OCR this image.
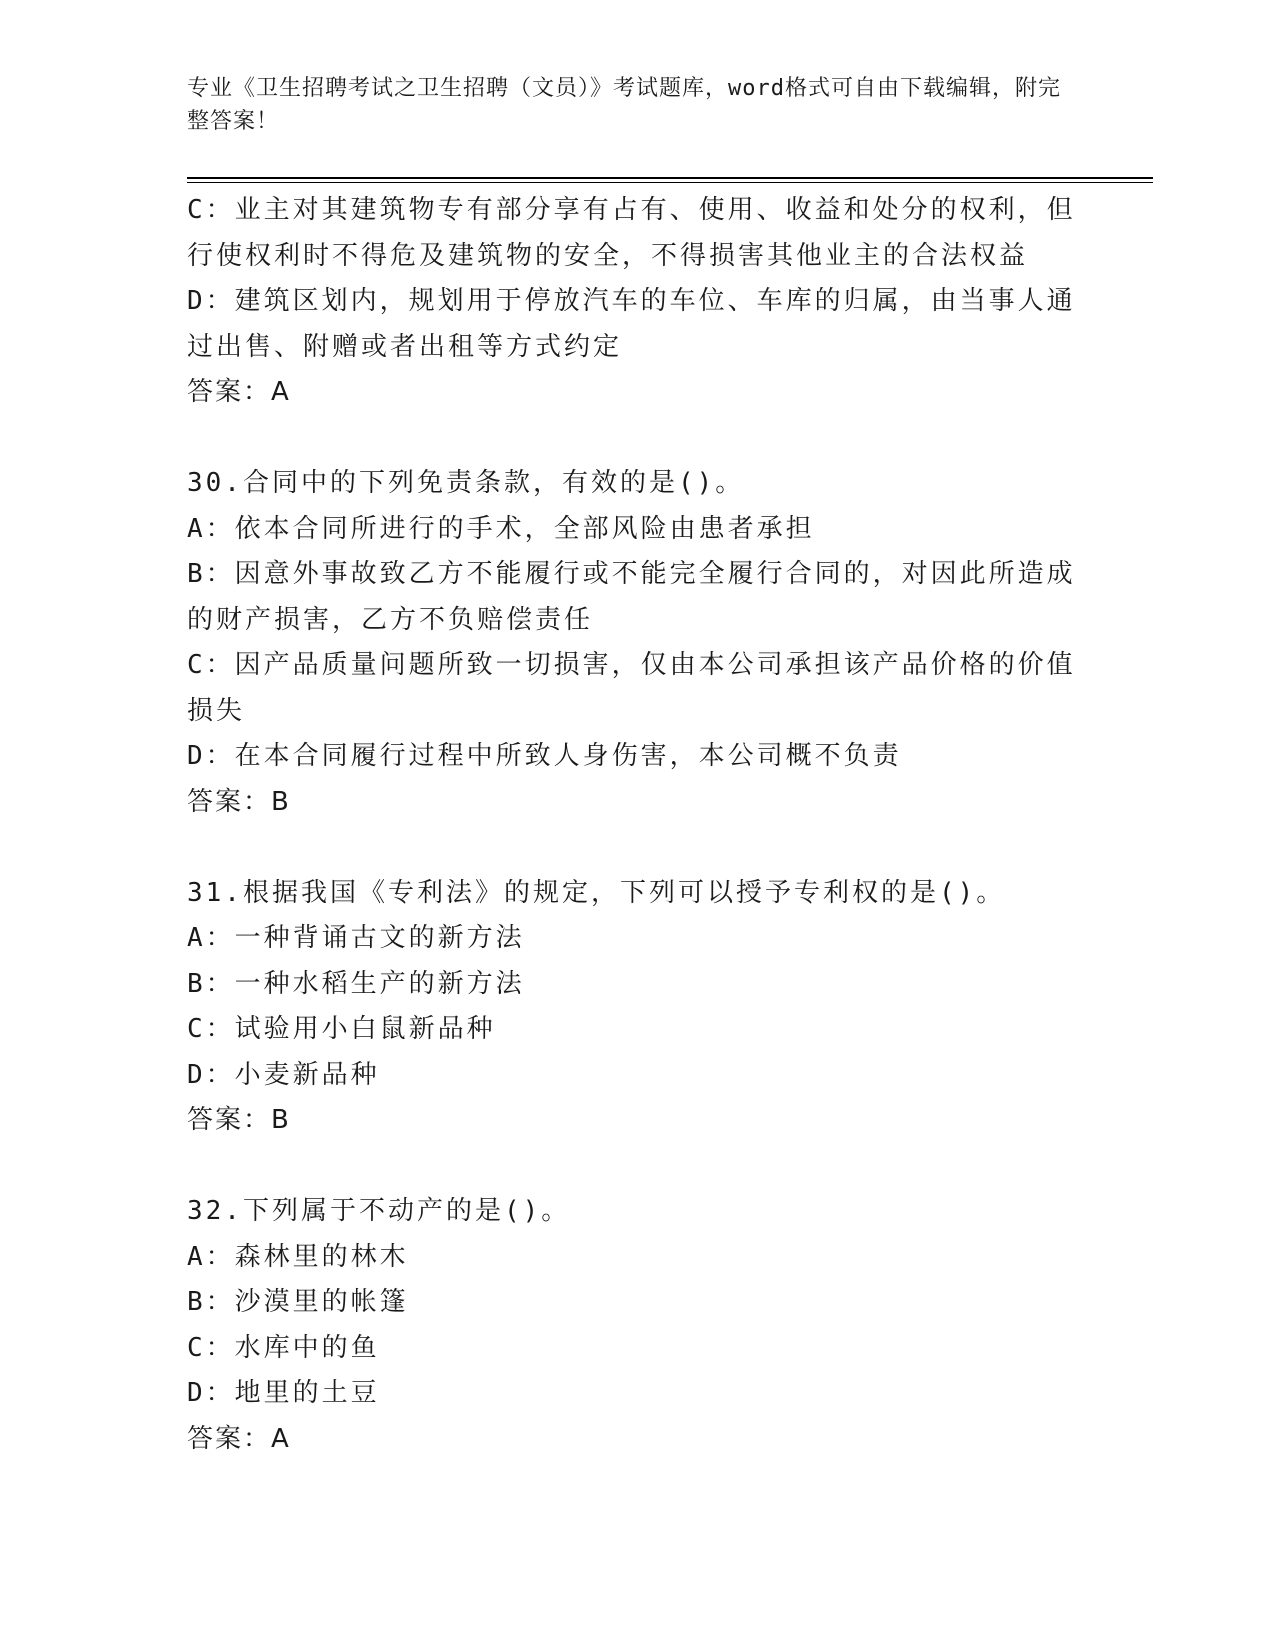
专业《卫生招聘考试之卫生招聘（文员）》考试题库，word格式可自由下载编辑，附完整答案！
C：业主对其建筑物专有部分享有占有、使用、收益和处分的权利，但行使权利时不得危及建筑物的安全，不得损害其他业主的合法权益
D：建筑区划内，规划用于停放汽车的车位、车库的归属，由当事人通过出售、附赠或者出租等方式约定
答案：A
30.合同中的下列免责条款，有效的是()。
A：依本合同所进行的手术，全部风险由患者承担
B：因意外事故致乙方不能履行或不能完全履行合同的，对因此所造成的财产损害，乙方不负赔偿责任
C：因产品质量问题所致一切损害，仅由本公司承担该产品价格的价值损失
D：在本合同履行过程中所致人身伤害，本公司概不负责
答案：B
31.根据我国《专利法》的规定，下列可以授予专利权的是()。
A：一种背诵古文的新方法
B：一种水稻生产的新方法
C：试验用小白鼠新品种
D：小麦新品种
答案：B
32.下列属于不动产的是()。
A：森林里的林木
B：沙漠里的帐篷
C：水库中的鱼
D：地里的土豆
答案：A
